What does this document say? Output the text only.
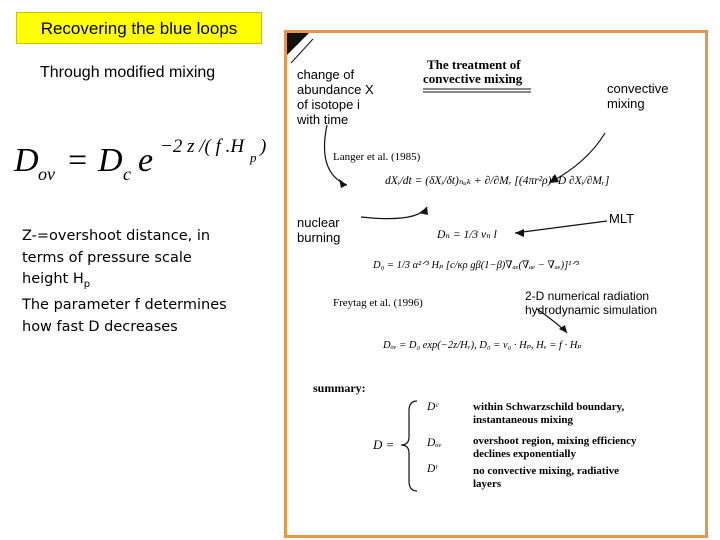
Recovering the blue loops
Through modified mixing
D ov = D c e −2 z /( f .H
p
)
Z-=overshoot distance, in
terms of pressure scale
height $H_p$
The parameter f determines
how fast D decreases
The treatment of
convective mixing
change of
abundance X
of isotope i
with time
convective
mixing
Langer et al. (1985)
dXᵢ/dt = (δXᵢ/δt)ₙᵤₖ + ∂/∂Mᵣ [(4πr²ρ)² D ∂Xᵢ/∂Mᵣ]
nuclear
burning	Dₙ = 1/3 vₙ l
MLT
D₀ = 1/3 α²ᐟ³ Hₚ [c/κρ gβ(1−β)∇ₐₑ(∇ₐₑ − ∇ₐₑ)]¹ᐟ³
Freytag et al. (1996)	2-D numerical radiation
hydrodynamic simulation
Dₒᵥ = D₀ exp(−2z/Hᵥ), D₀ = v₀ · Hₚ, Hᵥ = f · Hₚ
summary:
D =
Dᶜ	within Schwarzschild boundary,
instantaneous mixing
Dₒᵥ	overshoot region, mixing efficiency
declines exponentially
Dʳ	no convective mixing, radiative
layers
